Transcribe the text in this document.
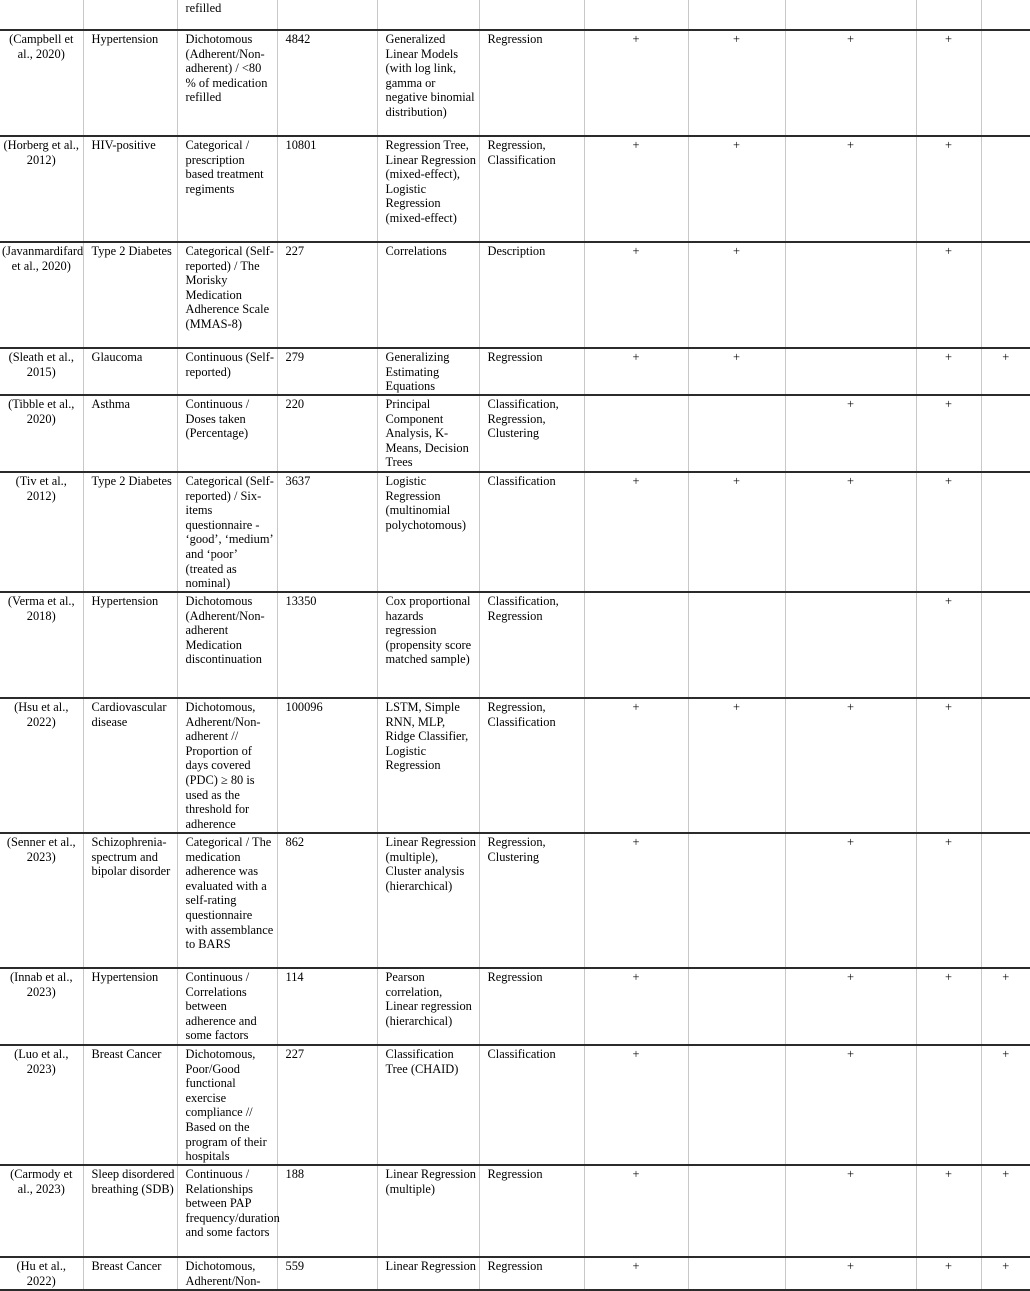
		refilled								
(Campbell et al., 2020)	Hypertension	Dichotomous (Adherent/Non-adherent) / <80 % of medication refilled	4842	Generalized Linear Models (with log link, gamma or negative binomial distribution)	Regression	+	+	+	+	
(Horberg et al., 2012)	HIV-positive	Categorical / prescription based treatment regiments	10801	Regression Tree, Linear Regression (mixed-effect), Logistic Regression (mixed-effect)	Regression, Classification	+	+	+	+	
(Javanmardifard et al., 2020)	Type 2 Diabetes	Categorical (Self-reported) / The Morisky Medication Adherence Scale (MMAS-8)	227	Correlations	Description	+	+		+	
(Sleath et al., 2015)	Glaucoma	Continuous (Self-reported)	279	Generalizing Estimating Equations	Regression	+	+		+	+
(Tibble et al., 2020)	Asthma	Continuous / Doses taken (Percentage)	220	Principal Component Analysis, K-Means, Decision Trees	Classification, Regression, Clustering			+	+	
(Tiv et al., 2012)	Type 2 Diabetes	Categorical (Self-reported) / Six-items questionnaire - ‘good’, ‘medium’ and ‘poor’ (treated as nominal)	3637	Logistic Regression (multinomial polychotomous)	Classification	+	+	+	+	
(Verma et al., 2018)	Hypertension	Dichotomous (Adherent/Non-adherent Medication discontinuation	13350	Cox proportional hazards regression (propensity score matched sample)	Classification, Regression				+	
(Hsu et al., 2022)	Cardiovascular disease	Dichotomous, Adherent/Non-adherent // Proportion of days covered (PDC) ≥ 80 is used as the threshold for adherence	100096	LSTM, Simple RNN, MLP, Ridge Classifier, Logistic Regression	Regression, Classification	+	+	+	+	
(Senner et al., 2023)	Schizophrenia-spectrum and bipolar disorder	Categorical / The medication adherence was evaluated with a self-rating questionnaire with assemblance to BARS	862	Linear Regression (multiple), Cluster analysis (hierarchical)	Regression, Clustering	+		+	+	
(Innab et al., 2023)	Hypertension	Continuous / Correlations between adherence and some factors	114	Pearson correlation, Linear regression (hierarchical)	Regression	+		+	+	+
(Luo et al., 2023)	Breast Cancer	Dichotomous, Poor/Good functional exercise compliance // Based on the program of their hospitals	227	Classification Tree (CHAID)	Classification	+		+		+
(Carmody et al., 2023)	Sleep disordered breathing (SDB)	Continuous / Relationships between PAP frequency/duration and some factors	188	Linear Regression (multiple)	Regression	+		+	+	+
(Hu et al., 2022)	Breast Cancer	Dichotomous, Adherent/Non-	559	Linear Regression	Regression	+		+	+	+
